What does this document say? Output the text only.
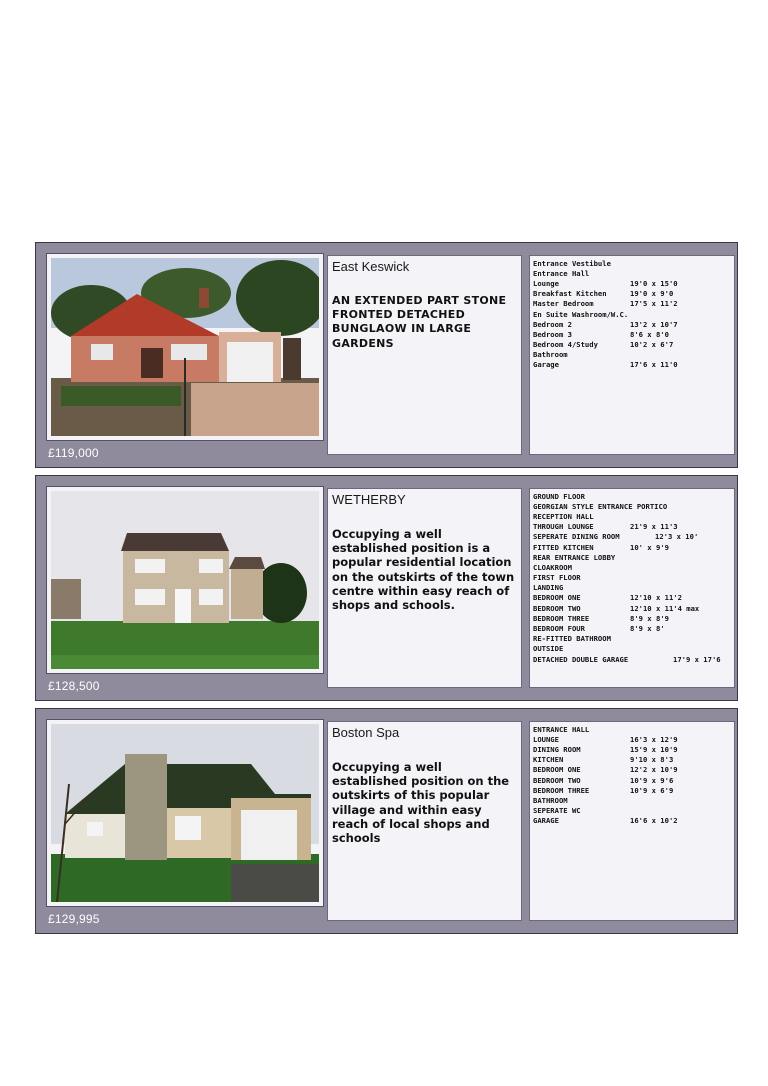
£119,000
East Keswick
AN EXTENDED PART STONE FRONTED DETACHED BUNGLAOW IN LARGE GARDENS
Entrance Vestibule
Entrance Hall
Lounge	19'0 x 15'0
Breakfast Kitchen	19'0 x 9'0
Master Bedroom	17'5 x 11'2
En Suite Washroom/W.C.
Bedroom 2	13'2 x 10'7
Bedroom 3	8'6 x 8'0
Bedroom 4/Study	10'2 x 6'7
Bathroom
Garage	17'6 x 11'0
£128,500
WETHERBY
Occupying a well established position is a popular residential location on the outskirts of the town centre within easy reach of shops and schools.
GROUND FLOOR
GEORGIAN STYLE ENTRANCE PORTICO
RECEPTION HALL
THROUGH LOUNGE	21'9 x 11'3
SEPERATE DINING ROOM	12'3 x 10'
FITTED KITCHEN	10' x 9'9
REAR ENTRANCE LOBBY
CLOAKROOM
FIRST FLOOR
LANDING
BEDROOM ONE	12'10 x 11'2
BEDROOM TWO	12'10 x 11'4 max
BEDROOM THREE	8'9 x 8'9
BEDROOM FOUR	8'9 x 8'
RE-FITTED BATHROOM
OUTSIDE
DETACHED DOUBLE GARAGE	17'9 x 17'6
£129,995
Boston Spa
Occupying a well established position on the outskirts of this popular village and within easy reach of local shops and schools
ENTRANCE HALL
LOUNGE	16'3 x 12'9
DINING ROOM	15'9 x 10'9
KITCHEN	9'10 x 8'3
BEDROOM ONE	12'2 x 10'9
BEDROOM TWO	10'9 x 9'6
BEDROOM THREE	10'9 x 6'9
BATHROOM
SEPERATE WC
GARAGE	16'6 x 10'2
